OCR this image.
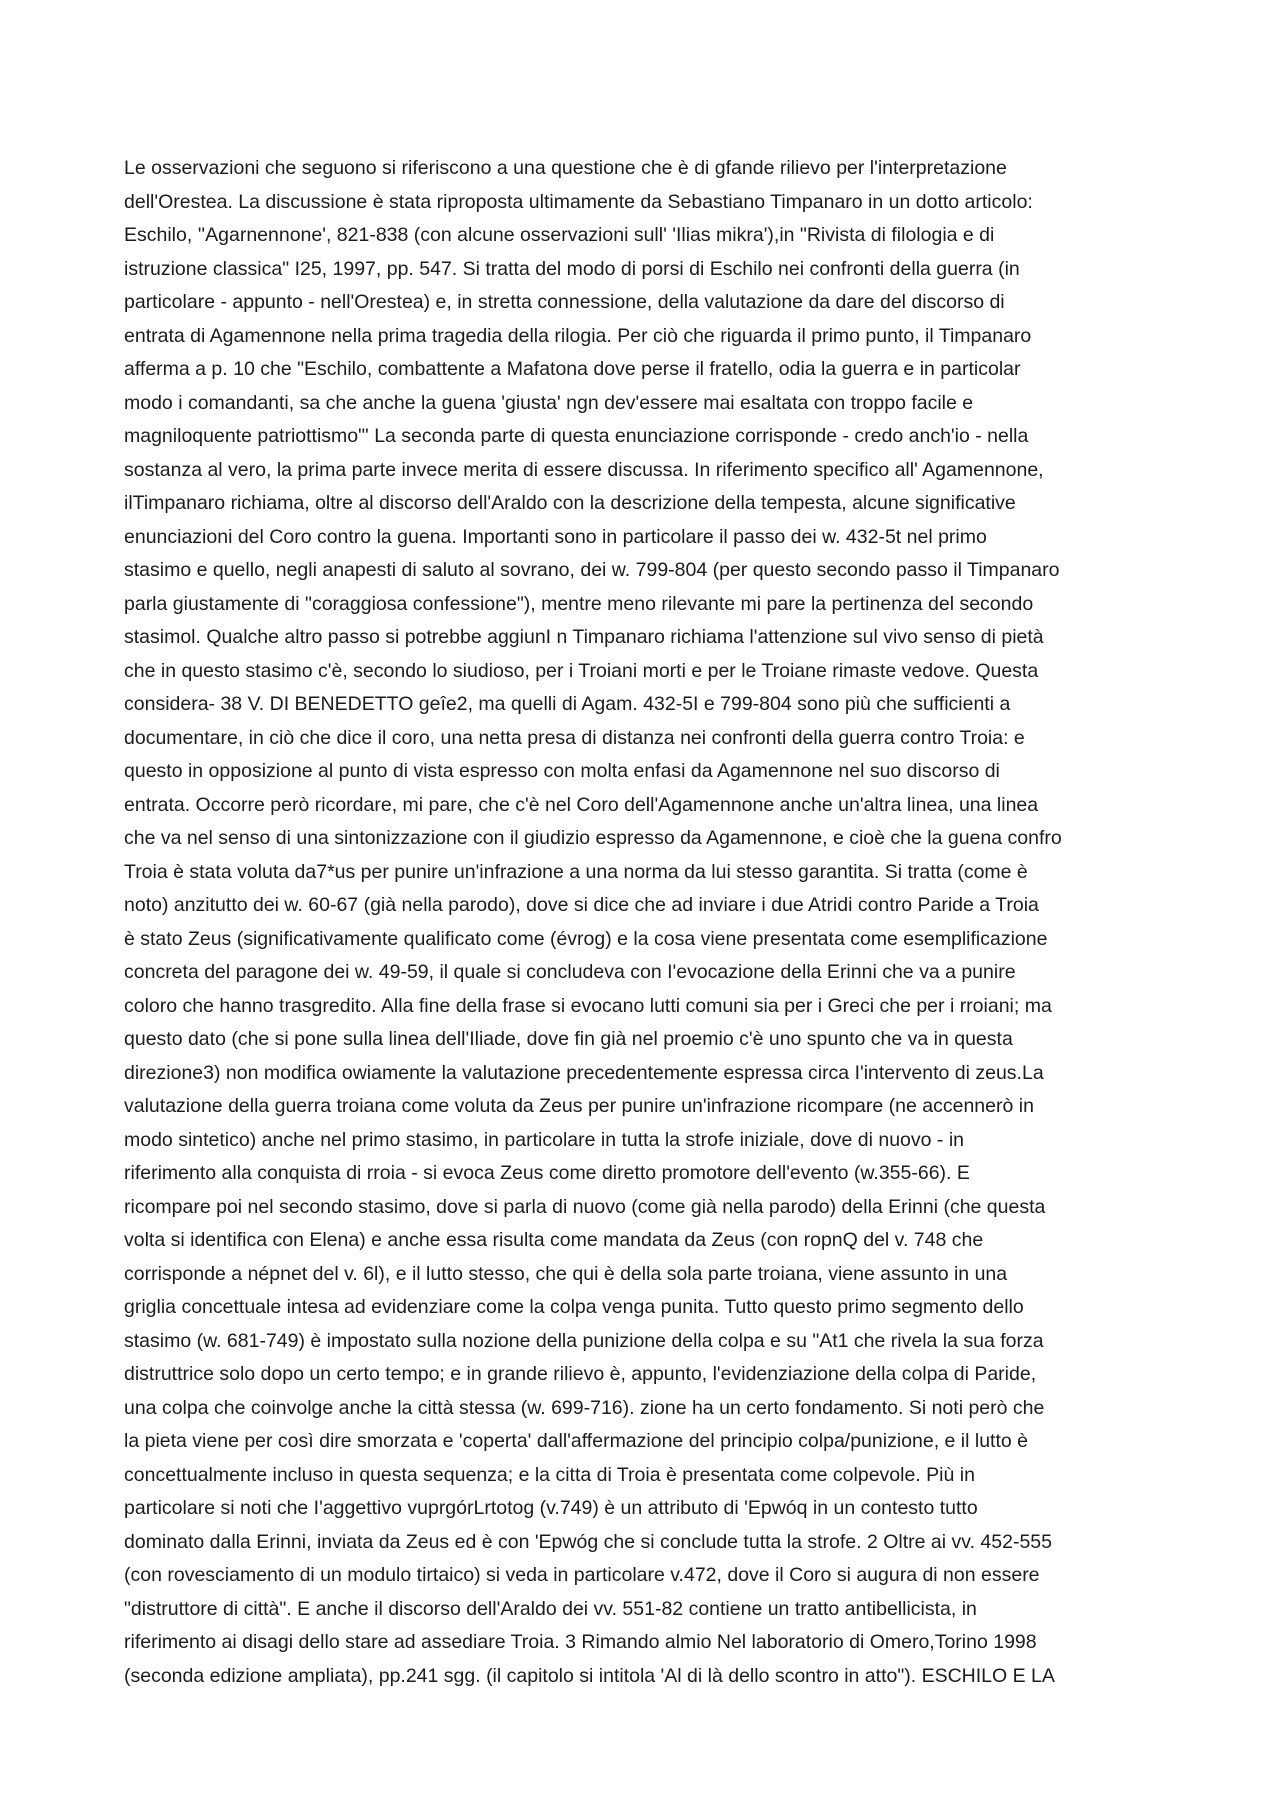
Le osservazioni che seguono si riferiscono a una questione che è di gfande rilievo per l'interpretazione
dell'Orestea. La discussione è stata riproposta ultimamente da Sebastiano Timpanaro in un dotto articolo:
Eschilo, ''Agarnennone', 821-838 (con alcune osservazioni sull' 'Ilias mikra'),in "Rivista di filologia e di
istruzione classica" I25, 1997, pp. 547. Si tratta del modo di porsi di Eschilo nei confronti della guerra (in
particolare - appunto - nell'Orestea) e, in stretta connessione, della valutazione da dare del discorso di
entrata di Agamennone nella prima tragedia della rilogia. Per ciò che riguarda il primo punto, il Timpanaro
afferma a p. 10 che "Eschilo, combattente a Mafatona dove perse il fratello, odia la guerra e in particolar
modo i comandanti, sa che anche la guena 'giusta' ngn dev'essere mai esaltata con troppo facile e
magniloquente patriottismo"' La seconda parte di questa enunciazione corrisponde - credo anch'io - nella
sostanza al vero, la prima parte invece merita di essere discussa. In riferimento specifico all' Agamennone,
ilTimpanaro richiama, oltre al discorso dell'Araldo con la descrizione della tempesta, alcune significative
enunciazioni del Coro contro la guena. Importanti sono in particolare il passo dei w. 432-5t nel primo
stasimo e quello, negli anapesti di saluto al sovrano, dei w. 799-804 (per questo secondo passo il Timpanaro
parla giustamente di "coraggiosa confessione"), mentre meno rilevante mi pare la pertinenza del secondo
stasimol. Qualche altro passo si potrebbe aggiunI n Timpanaro richiama l'attenzione sul vivo senso di pietà
che in questo stasimo c'è, secondo lo siudioso, per i Troiani morti e per le Troiane rimaste vedove. Questa
considera- 38 V. DI BENEDETTO geîe2, ma quelli di Agam. 432-5I e 799-804 sono più che sufficienti a
documentare, in ciò che dice il coro, una netta presa di distanza nei confronti della guerra contro Troia: e
questo in opposizione al punto di vista espresso con molta enfasi da Agamennone nel suo discorso di
entrata. Occorre però ricordare, mi pare, che c'è nel Coro dell'Agamennone anche un'altra linea, una linea
che va nel senso di una sintonizzazione con il giudizio espresso da Agamennone, e cioè che la guena confro
Troia è stata voluta da7*us per punire un'infrazione a una norma da lui stesso garantita. Si tratta (come è
noto) anzitutto dei w. 60-67 (già nella parodo), dove si dice che ad inviare i due Atridi contro Paride a Troia
è stato Zeus (significativamente qualificato come (évrog) e la cosa viene presentata come esemplificazione
concreta del paragone dei w. 49-59, il quale si concludeva con I'evocazione della Erinni che va a punire
coloro che hanno trasgredito. Alla fine della frase si evocano lutti comuni sia per i Greci che per i rroiani; ma
questo dato (che si pone sulla linea dell'Iliade, dove fin già nel proemio c'è uno spunto che va in questa
direzione3) non modifica owiamente la valutazione precedentemente espressa circa I'intervento di zeus.La
valutazione della guerra troiana come voluta da Zeus per punire un'infrazione ricompare (ne accennerò in
modo sintetico) anche nel primo stasimo, in particolare in tutta la strofe iniziale, dove di nuovo - in
riferimento alla conquista di rroia - si evoca Zeus come diretto promotore dell'evento (w.355-66). E
ricompare poi nel secondo stasimo, dove si parla di nuovo (come già nella parodo) della Erinni (che questa
volta si identifica con Elena) e anche essa risulta come mandata da Zeus (con ropnQ del v. 748 che
corrisponde a népnet del v. 6l), e il lutto stesso, che qui è della sola parte troiana, viene assunto in una
griglia concettuale intesa ad evidenziare come la colpa venga punita. Tutto questo primo segmento dello
stasimo (w. 681-749) è impostato sulla nozione della punizione della colpa e su "At1 che rivela la sua forza
distruttrice solo dopo un certo tempo; e in grande rilievo è, appunto, l'evidenziazione della colpa di Paride,
una colpa che coinvolge anche la città stessa (w. 699-716). zione ha un certo fondamento. Si noti però che
la pieta viene per così dire smorzata e 'coperta' dall'affermazione del principio colpa/punizione, e il lutto è
concettualmente incluso in questa sequenza; e la citta di Troia è presentata come colpevole. Più in
particolare si noti che I'aggettivo vuprgórLrtotog (v.749) è un attributo di 'Epwóq in un contesto tutto
dominato dalla Erinni, inviata da Zeus ed è con 'Epwóg che si conclude tutta la strofe. 2 Oltre ai vv. 452-555
(con rovesciamento di un modulo tirtaico) si veda in particolare v.472, dove il Coro si augura di non essere
"distruttore di città". E anche il discorso dell'Araldo dei vv. 551-82 contiene un tratto antibellicista, in
riferimento ai disagi dello stare ad assediare Troia. 3 Rimando almio Nel laboratorio di Omero,Torino 1998
(seconda edizione ampliata), pp.241 sgg. (il capitolo si intitola 'Al di là dello scontro in atto"). ESCHILO E LA
